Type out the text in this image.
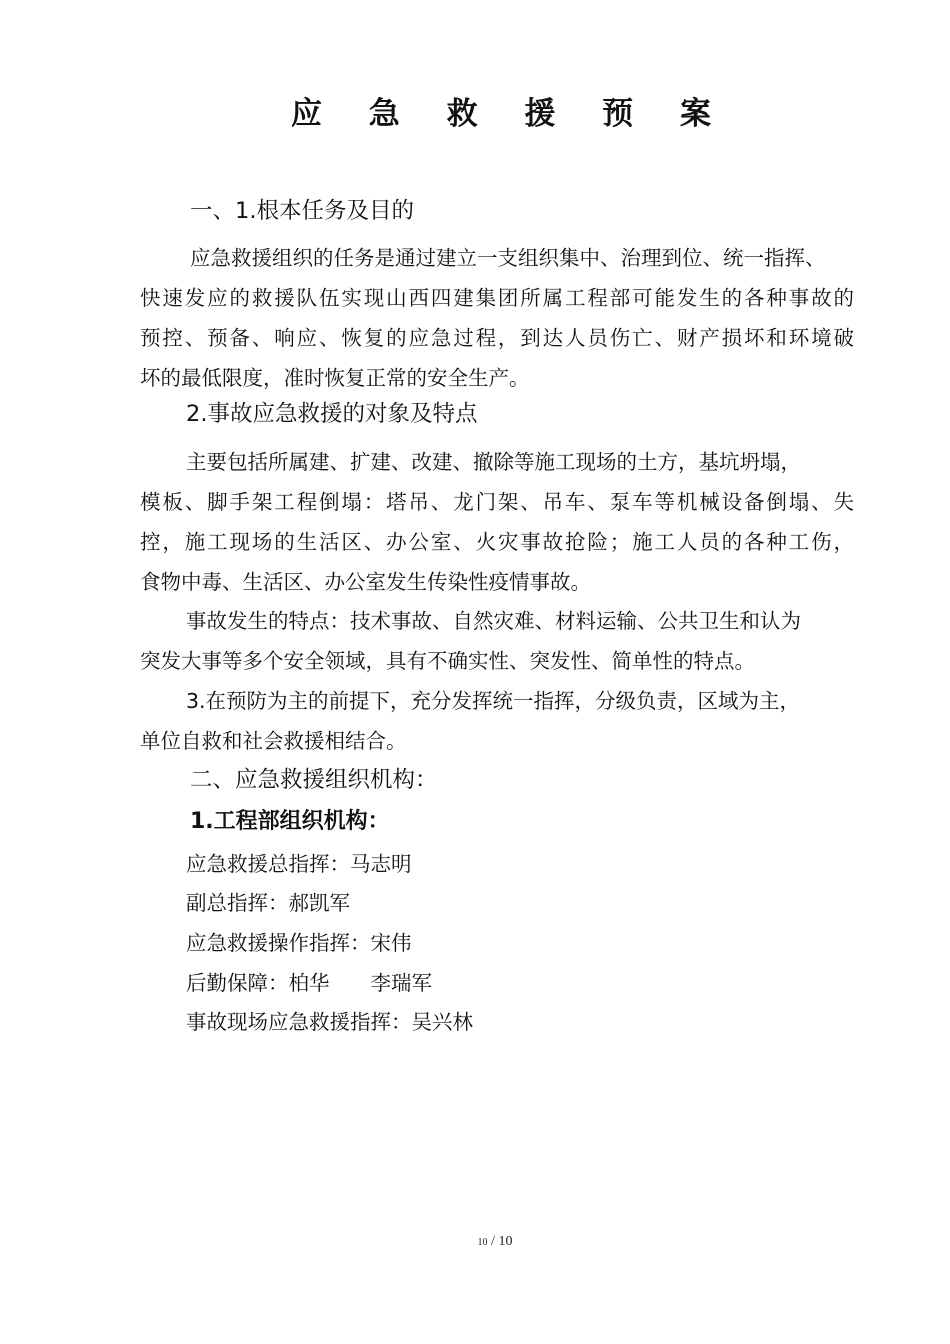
应 急 救 援 预 案
一、1.根本任务及目的
应急救援组织的任务是通过建立一支组织集中、治理到位、统一指挥、
快速发应的救援队伍实现山西四建集团所属工程部可能发生的各种事故的
预控、预备、响应、恢复的应急过程，到达人员伤亡、财产损坏和环境破
坏的最低限度，准时恢复正常的安全生产。
2.事故应急救援的对象及特点
主要包括所属建、扩建、改建、撤除等施工现场的土方，基坑坍塌，
模板、脚手架工程倒塌：塔吊、龙门架、吊车、泵车等机械设备倒塌、失
控，施工现场的生活区、办公室、火灾事故抢险；施工人员的各种工伤，
食物中毒、生活区、办公室发生传染性疫情事故。
事故发生的特点：技术事故、自然灾难、材料运输、公共卫生和认为
突发大事等多个安全领域，具有不确实性、突发性、简单性的特点。
3.在预防为主的前提下，充分发挥统一指挥，分级负责，区域为主，
单位自救和社会救援相结合。
二、应急救援组织机构：
1.工程部组织机构：
应急救援总指挥：马志明
副总指挥：郝凯军
应急救援操作指挥：宋伟
后勤保障：柏华　　李瑞军
事故现场应急救援指挥：吴兴林
10 / 10
